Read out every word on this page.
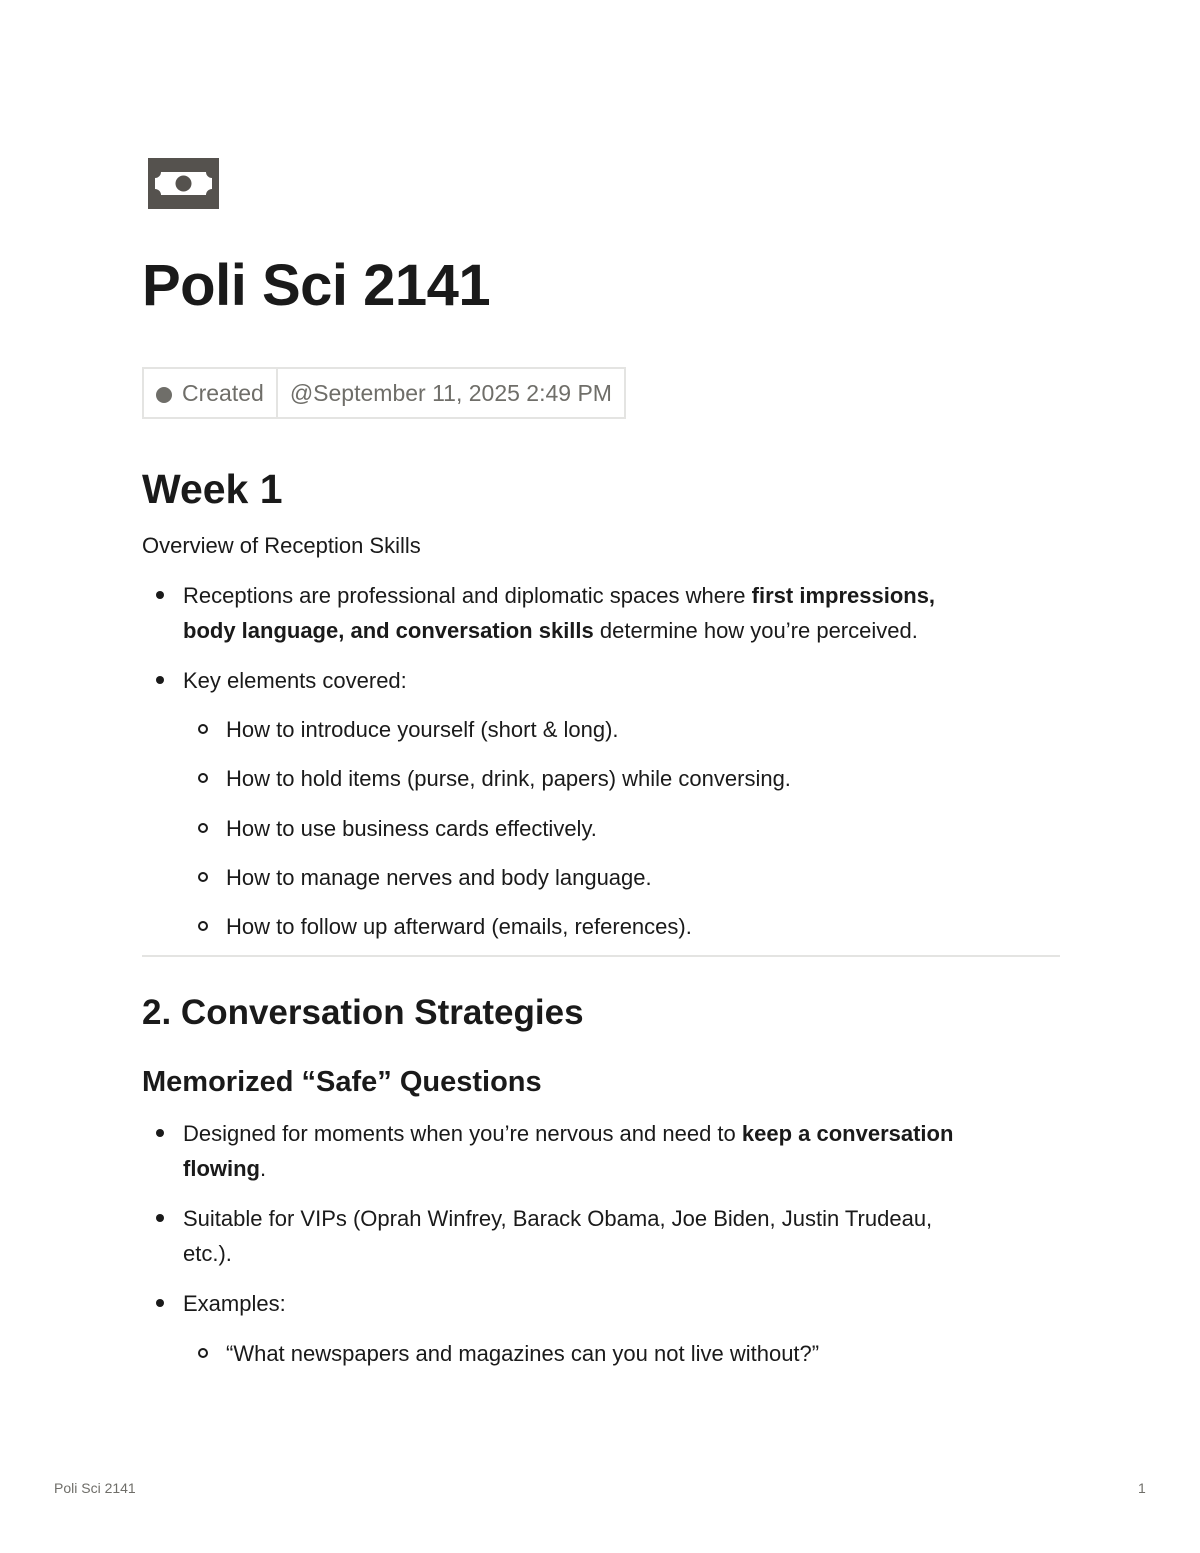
Poli Sci 2141
Created	@September 11, 2025 2:49 PM
Week 1

Overview of Reception Skills

Receptions are professional and diplomatic spaces where first impressions,
body language, and conversation skills determine how you’re perceived.
Key elements covered:
How to introduce yourself (short & long).
How to hold items (purse, drink, papers) while conversing.
How to use business cards effectively.
How to manage nerves and body language.
How to follow up afterward (emails, references).
2. Conversation Strategies
Memorized “Safe” Questions
Designed for moments when you’re nervous and need to keep a conversation
flowing.
Suitable for VIPs (Oprah Winfrey, Barack Obama, Joe Biden, Justin Trudeau,
etc.).
Examples:
“What newspapers and magazines can you not live without?”
Poli Sci 2141	1
